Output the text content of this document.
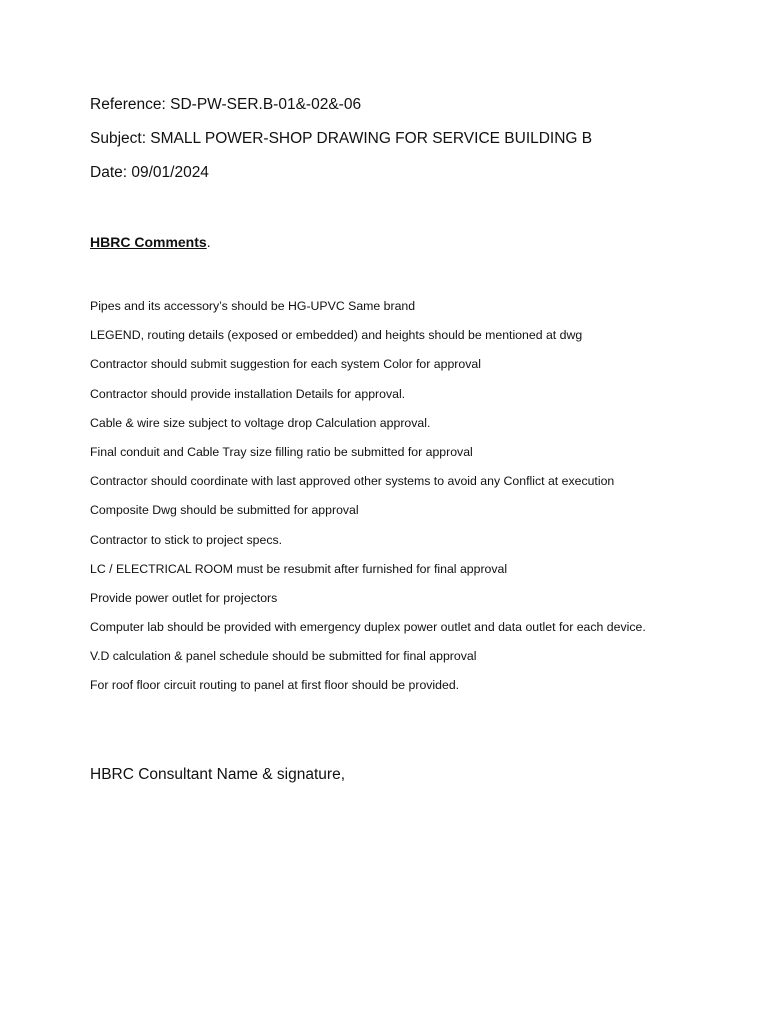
Reference: SD-PW-SER.B-01&-02&-06
Subject: SMALL POWER-SHOP DRAWING FOR SERVICE BUILDING B
Date: 09/01/2024
HBRC Comments.
Pipes and its accessory’s should be HG-UPVC Same brand
LEGEND, routing details (exposed or embedded) and heights should be mentioned at dwg
Contractor should submit suggestion for each system Color for approval
Contractor should provide installation Details for approval.
Cable & wire size subject to voltage drop Calculation approval.
Final conduit and Cable Tray size filling ratio be submitted for approval
Contractor should coordinate with last approved other systems to avoid any Conflict at execution
Composite Dwg should be submitted for approval
Contractor to stick to project specs.
LC / ELECTRICAL ROOM must be resubmit after furnished for final approval
Provide power outlet for projectors
Computer lab should be provided with emergency duplex power outlet and data outlet for each device.
V.D calculation & panel schedule should be submitted for final approval
For roof floor circuit routing to panel at first floor should be provided.
HBRC Consultant Name & signature,
